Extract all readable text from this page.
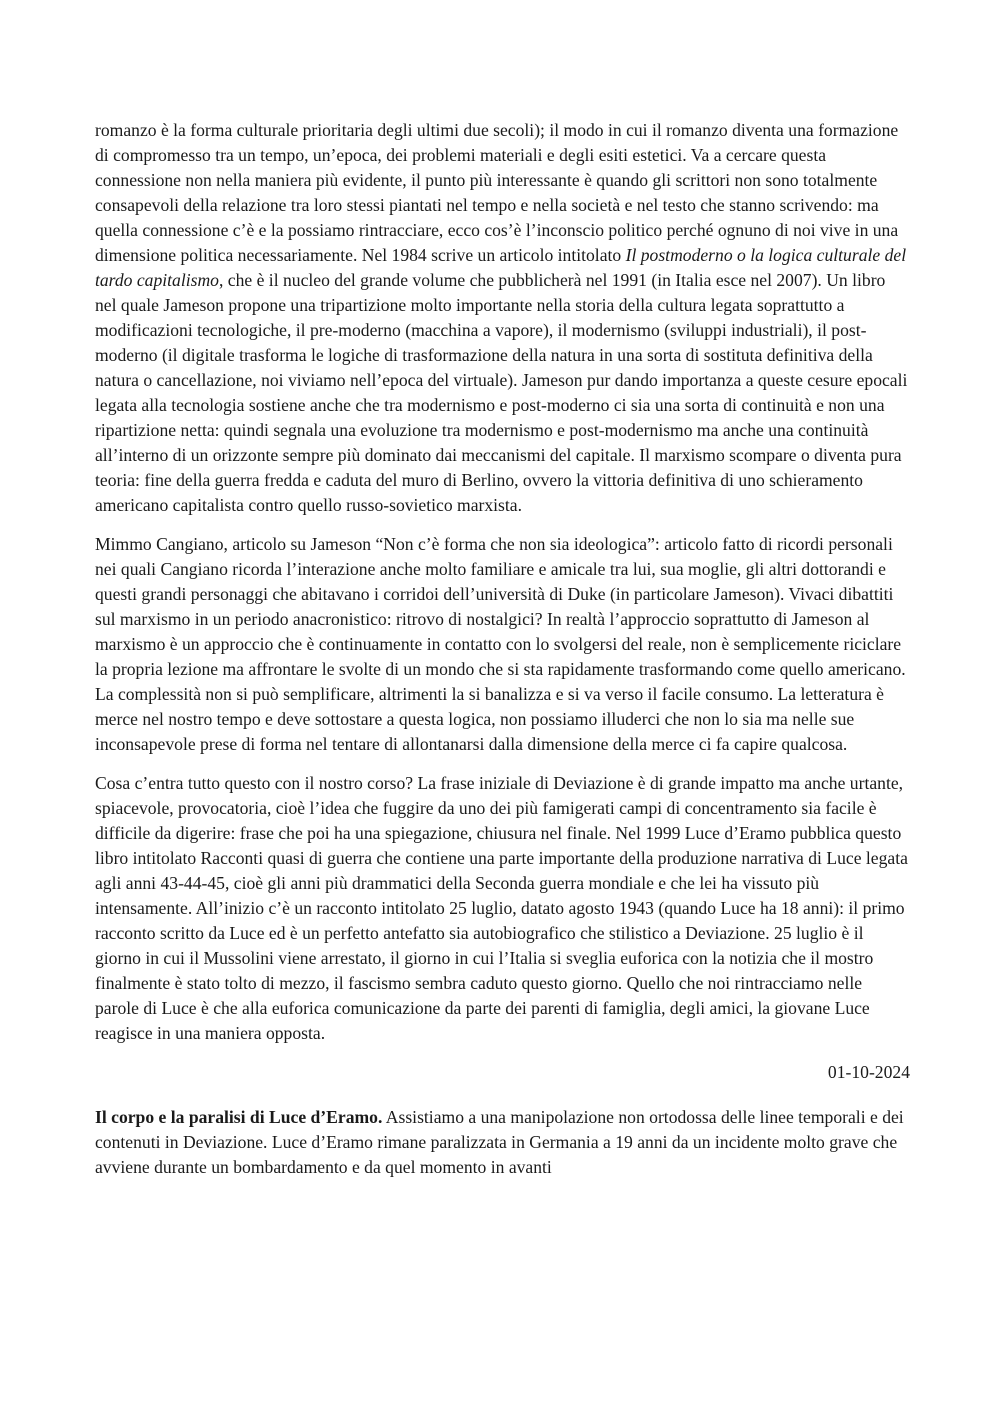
romanzo è la forma culturale prioritaria degli ultimi due secoli); il modo in cui il romanzo diventa una formazione di compromesso tra un tempo, un’epoca, dei problemi materiali e degli esiti estetici. Va a cercare questa connessione non nella maniera più evidente, il punto più interessante è quando gli scrittori non sono totalmente consapevoli della relazione tra loro stessi piantati nel tempo e nella società e nel testo che stanno scrivendo: ma quella connessione c’è e la possiamo rintracciare, ecco cos’è l’inconscio politico perché ognuno di noi vive in una dimensione politica necessariamente. Nel 1984 scrive un articolo intitolato Il postmoderno o la logica culturale del tardo capitalismo, che è il nucleo del grande volume che pubblicherà nel 1991 (in Italia esce nel 2007). Un libro nel quale Jameson propone una tripartizione molto importante nella storia della cultura legata soprattutto a modificazioni tecnologiche, il pre-moderno (macchina a vapore), il modernismo (sviluppi industriali), il post-moderno (il digitale trasforma le logiche di trasformazione della natura in una sorta di sostituta definitiva della natura o cancellazione, noi viviamo nell’epoca del virtuale). Jameson pur dando importanza a queste cesure epocali legata alla tecnologia sostiene anche che tra modernismo e post-moderno ci sia una sorta di continuità e non una ripartizione netta: quindi segnala una evoluzione tra modernismo e post-modernismo ma anche una continuità all’interno di un orizzonte sempre più dominato dai meccanismi del capitale. Il marxismo scompare o diventa pura teoria: fine della guerra fredda e caduta del muro di Berlino, ovvero la vittoria definitiva di uno schieramento americano capitalista contro quello russo-sovietico marxista.

Mimmo Cangiano, articolo su Jameson “Non c’è forma che non sia ideologica”: articolo fatto di ricordi personali nei quali Cangiano ricorda l’interazione anche molto familiare e amicale tra lui, sua moglie, gli altri dottorandi e questi grandi personaggi che abitavano i corridoi dell’università di Duke (in particolare Jameson). Vivaci dibattiti sul marxismo in un periodo anacronistico: ritrovo di nostalgici? In realtà l’approccio soprattutto di Jameson al marxismo è un approccio che è continuamente in contatto con lo svolgersi del reale, non è semplicemente riciclare la propria lezione ma affrontare le svolte di un mondo che si sta rapidamente trasformando come quello americano. La complessità non si può semplificare, altrimenti la si banalizza e si va verso il facile consumo. La letteratura è merce nel nostro tempo e deve sottostare a questa logica, non possiamo illuderci che non lo sia ma nelle sue inconsapevole prese di forma nel tentare di allontanarsi dalla dimensione della merce ci fa capire qualcosa.

Cosa c’entra tutto questo con il nostro corso? La frase iniziale di Deviazione è di grande impatto ma anche urtante, spiacevole, provocatoria, cioè l’idea che fuggire da uno dei più famigerati campi di concentramento sia facile è difficile da digerire: frase che poi ha una spiegazione, chiusura nel finale. Nel 1999 Luce d’Eramo pubblica questo libro intitolato Racconti quasi di guerra che contiene una parte importante della produzione narrativa di Luce legata agli anni 43-44-45, cioè gli anni più drammatici della Seconda guerra mondiale e che lei ha vissuto più intensamente. All’inizio c’è un racconto intitolato 25 luglio, datato agosto 1943 (quando Luce ha 18 anni): il primo racconto scritto da Luce ed è un perfetto antefatto sia autobiografico che stilistico a Deviazione. 25 luglio è il giorno in cui il Mussolini viene arrestato, il giorno in cui l’Italia si sveglia euforica con la notizia che il mostro finalmente è stato tolto di mezzo, il fascismo sembra caduto questo giorno. Quello che noi rintracciamo nelle parole di Luce è che alla euforica comunicazione da parte dei parenti di famiglia, degli amici, la giovane Luce reagisce in una maniera opposta.

01-10-2024

Il corpo e la paralisi di Luce d’Eramo. Assistiamo a una manipolazione non ortodossa delle linee temporali e dei contenuti in Deviazione. Luce d’Eramo rimane paralizzata in Germania a 19 anni da un incidente molto grave che avviene durante un bombardamento e da quel momento in avanti
